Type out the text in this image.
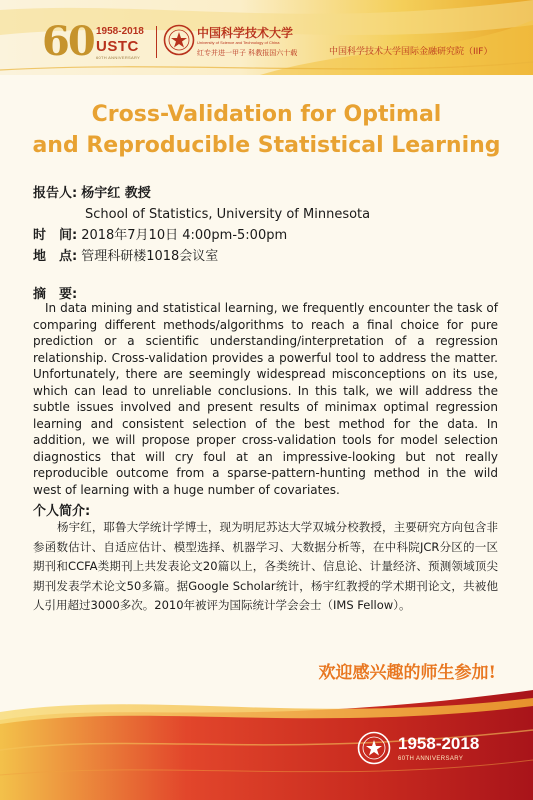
60 1958-2018
USTC
60TH ANNIVERSARY
中国科学技术大学
University of Science and Technology of China
红专并进一甲子 科教报国六十载	中国科学技术大学国际金融研究院（IIF）
Cross-Validation for Optimal
and Reproducible Statistical Learning
报告人: 杨宇红 教授
School of Statistics, University of Minnesota
时　间: 2018年7月10日 4:00pm-5:00pm
地　点: 管理科研楼1018会议室
摘　要:
In data mining and statistical learning, we frequently encounter the task of comparing different methods/algorithms to reach a final choice for pure prediction or a scientific understanding/interpretation of a regression relationship. Cross-validation provides a powerful tool to address the matter. Unfortunately, there are seemingly widespread misconceptions on its use, which can lead to unreliable conclusions. In this talk, we will address the subtle issues involved and present results of minimax optimal regression learning and consistent selection of the best method for the data. In addition, we will propose proper cross-validation tools for model selection diagnostics that will cry foul at an impressive-looking but not really reproducible outcome from a sparse-pattern-hunting method in the wild west of learning with a huge number of covariates.
个人简介:
杨宇红，耶鲁大学统计学博士，现为明尼苏达大学双城分校教授，主要研究方向包含非参函数估计、自适应估计、模型选择、机器学习、大数据分析等，在中科院JCR分区的一区期刊和CCFA类期刊上共发表论文20篇以上，各类统计、信息论、计量经济、预测领域顶尖期刊发表学术论文50多篇。据Google Scholar统计，杨宇红教授的学术期刊论文，共被他人引用超过3000多次。2010年被评为国际统计学会会士（IMS Fellow）。
欢迎感兴趣的师生参加!
1958-2018
60TH ANNIVERSARY
